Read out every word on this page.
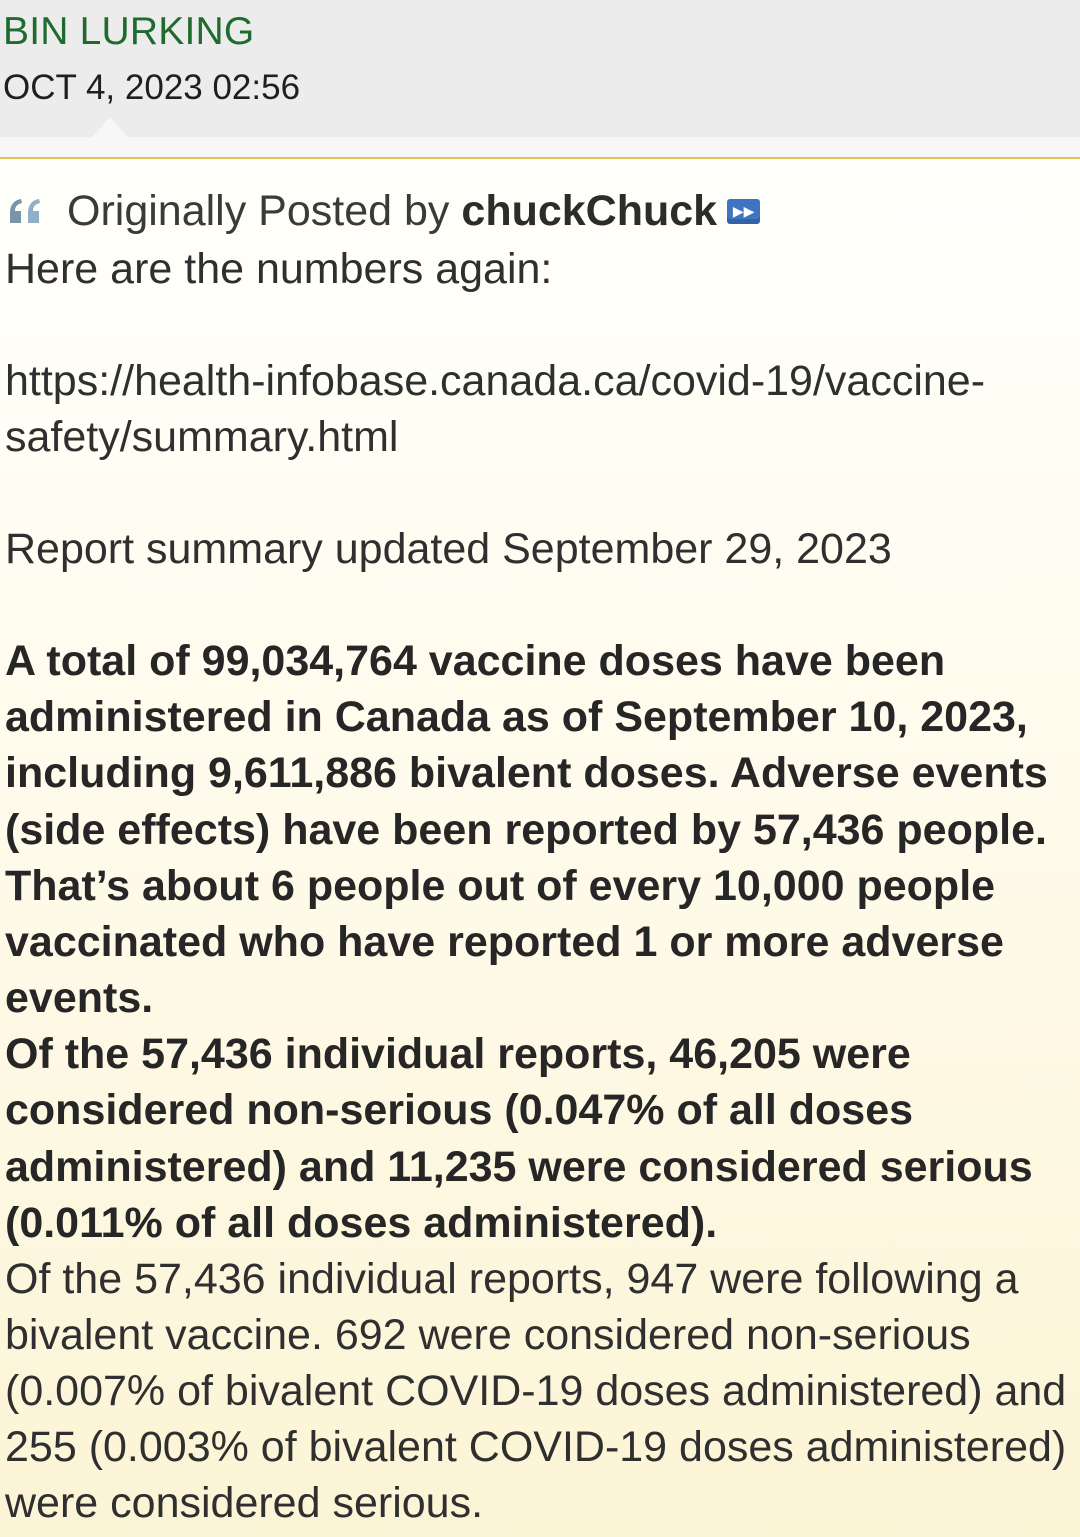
BIN LURKING
OCT 4, 2023 02:56
Originally Posted by chuckChuck	▶▶
Here are the numbers again:
https://health-infobase.canada.ca/covid-19/vaccine-
safety/summary.html
Report summary updated September 29, 2023
A total of 99,034,764 vaccine doses have been
administered in Canada as of September 10, 2023,
including 9,611,886 bivalent doses. Adverse events
(side effects) have been reported by 57,436 people.
That’s about 6 people out of every 10,000 people
vaccinated who have reported 1 or more adverse
events.
Of the 57,436 individual reports, 46,205 were
considered non-serious (0.047% of all doses
administered) and 11,235 were considered serious
(0.011% of all doses administered).
Of the 57,436 individual reports, 947 were following a
bivalent vaccine. 692 were considered non-serious
(0.007% of bivalent COVID-19 doses administered) and
255 (0.003% of bivalent COVID-19 doses administered)
were considered serious.
